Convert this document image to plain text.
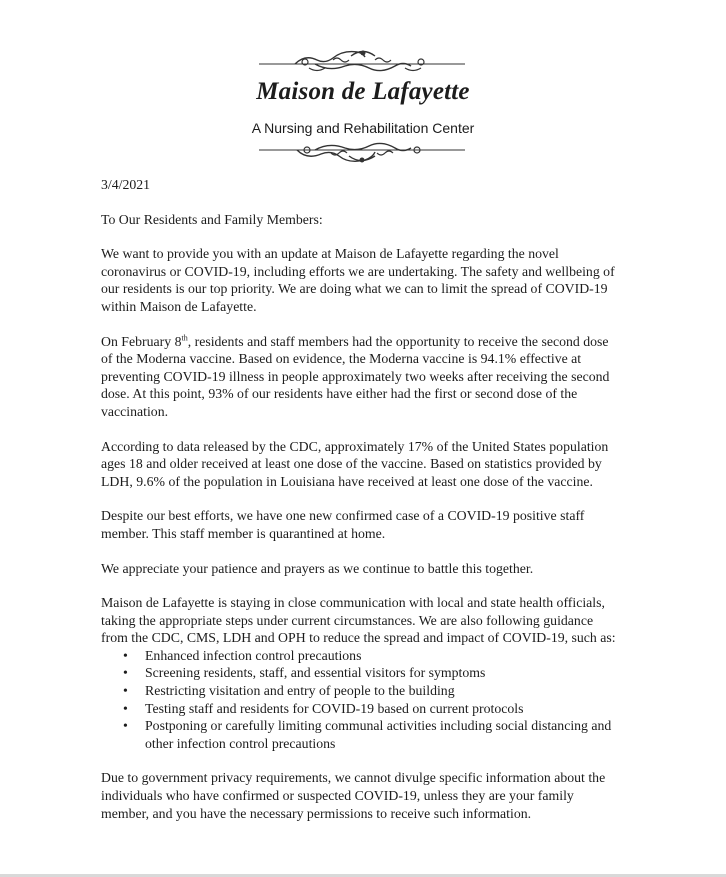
Maison de Lafayette
A Nursing and Rehabilitation Center
3/4/2021

To Our Residents and Family Members:

We want to provide you with an update at Maison de Lafayette regarding the novel coronavirus or COVID-19, including efforts we are undertaking. The safety and wellbeing of our residents is our top priority. We are doing what we can to limit the spread of COVID-19 within Maison de Lafayette.

On February 8th, residents and staff members had the opportunity to receive the second dose of the Moderna vaccine. Based on evidence, the Moderna vaccine is 94.1% effective at preventing COVID-19 illness in people approximately two weeks after receiving the second dose. At this point, 93% of our residents have either had the first or second dose of the vaccination.

According to data released by the CDC, approximately 17% of the United States population ages 18 and older received at least one dose of the vaccine. Based on statistics provided by LDH, 9.6% of the population in Louisiana have received at least one dose of the vaccine.

Despite our best efforts, we have one new confirmed case of a COVID-19 positive staff member. This staff member is quarantined at home.

We appreciate your patience and prayers as we continue to battle this together.

Maison de Lafayette is staying in close communication with local and state health officials, taking the appropriate steps under current circumstances. We are also following guidance from the CDC, CMS, LDH and OPH to reduce the spread and impact of COVID-19, such as:

• Enhanced infection control precautions
• Screening residents, staff, and essential visitors for symptoms
• Restricting visitation and entry of people to the building
• Testing staff and residents for COVID-19 based on current protocols
• Postponing or carefully limiting communal activities including social distancing and other infection control precautions

Due to government privacy requirements, we cannot divulge specific information about the individuals who have confirmed or suspected COVID-19, unless they are your family member, and you have the necessary permissions to receive such information.
